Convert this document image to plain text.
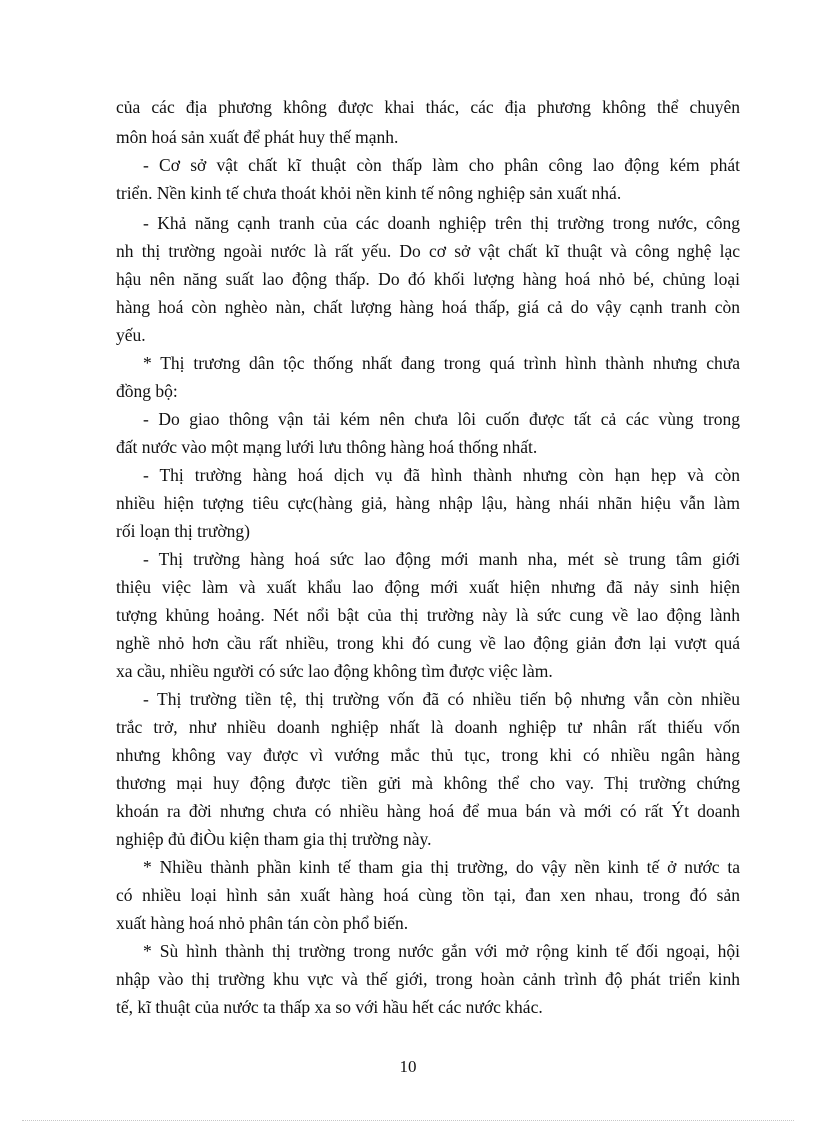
của các địa phương không được khai thác, các địa phương không thể chuyên
môn hoá sản xuất để phát huy thế mạnh.
- Cơ sở vật chất kĩ thuật còn thấp làm cho phân công lao động kém phát
triển. Nền kinh tế chưa thoát khỏi nền kinh tế nông nghiệp sản xuất nhá.
- Khả năng cạnh tranh của các doanh nghiệp trên thị trường trong nước, công
nh thị trường ngoài nước là rất yếu. Do cơ sở vật chất kĩ thuật và công nghệ lạc
hậu nên năng suất lao động thấp. Do đó khối lượng hàng hoá nhỏ bé, chủng loại
hàng hoá còn nghèo nàn, chất lượng hàng hoá thấp, giá cả do vậy cạnh tranh còn
yếu.
* Thị trương dân tộc thống nhất đang trong quá trình hình thành nhưng chưa
đồng bộ:
- Do giao thông vận tải kém nên chưa lôi cuốn được tất cả các vùng trong
đất nước vào một mạng lưới lưu thông hàng hoá thống nhất.
- Thị trường hàng hoá dịch vụ đã hình thành nhưng còn hạn hẹp và còn
nhiều hiện tượng tiêu cực(hàng giả, hàng nhập lậu, hàng nhái nhãn hiệu vẫn làm
rối loạn thị trường)
- Thị trường hàng hoá sức lao động mới manh nha, mét sè trung tâm giới
thiệu việc làm và xuất khẩu lao động mới xuất hiện nhưng đã nảy sinh hiện
tượng khủng hoảng. Nét nổi bật của thị trường này là sức cung về lao động lành
nghề nhỏ hơn cầu rất nhiều, trong khi đó cung về lao động giản đơn lại vượt quá
xa cầu, nhiều người có sức lao động không tìm được việc làm.
- Thị trường tiền tệ, thị trường vốn đã có nhiều tiến bộ nhưng vẫn còn nhiều
trắc trở, như nhiều doanh nghiệp nhất là doanh nghiệp tư nhân rất thiếu vốn
nhưng không vay được vì vướng mắc thủ tục, trong khi có nhiều ngân hàng
thương mại huy động được tiền gửi mà không thể cho vay. Thị trường chứng
khoán ra đời nhưng chưa có nhiều hàng hoá để mua bán và mới có rất Ýt doanh
nghiệp đủ điÒu kiện tham gia thị trường này.
* Nhiều thành phần kinh tế tham gia thị trường, do vậy nền kinh tế ở nước ta
có nhiều loại hình sản xuất hàng hoá cùng tồn tại, đan xen nhau, trong đó sản
xuất hàng hoá nhỏ phân tán còn phổ biến.
* Sù hình thành thị trường trong nước gắn với mở rộng kinh tế đối ngoại, hội
nhập vào thị trường khu vực và thế giới, trong hoàn cảnh trình độ phát triển kinh
tế, kĩ thuật của nước ta thấp xa so với hầu hết các nước khác.
10
